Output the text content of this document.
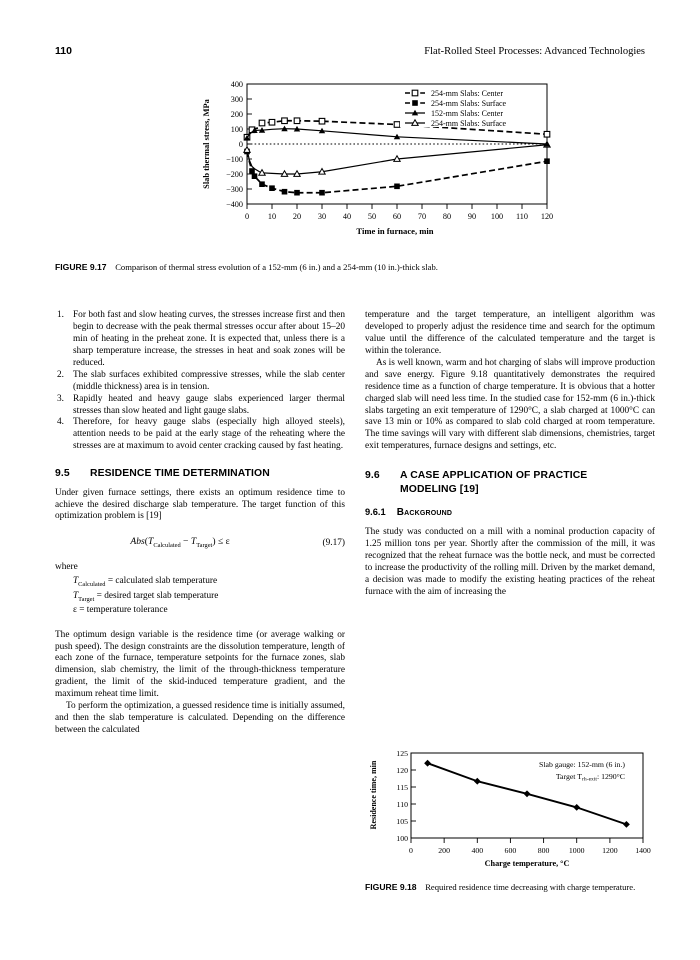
110	Flat-Rolled Steel Processes: Advanced Technologies
400
300
200
100
0
−100
−200
−300
−400
0 10 20 30 40 50 60 70 80 90 100 110 120
Time in furnace, min
Slab thermal stress, MPa
254-mm Slabs: Center
254-mm Slabs: Surface
152-mm Slabs: Center
254-mm Slabs: Surface
FIGURE 9.17 Comparison of thermal stress evolution of a 152-mm (6 in.) and a 254-mm (10 in.)-thick slab.
1. For both fast and slow heating curves, the stresses increase first and then begin to decrease with the peak thermal stresses occur after about 15–20 min of heating in the preheat zone. It is expected that, unless there is a sharp temperature increase, the stresses in heat and soak zones will be reduced.
2. The slab surfaces exhibited compressive stresses, while the slab center (middle thickness) area is in tension.
3. Rapidly heated and heavy gauge slabs experienced larger thermal stresses than slow heated and light gauge slabs.
4. Therefore, for heavy gauge slabs (especially high alloyed steels), attention needs to be paid at the early stage of the reheating where the stresses are at maximum to avoid center cracking caused by fast heating.
9.5	RESIDENCE TIME DETERMINATION

Under given furnace settings, there exists an optimum residence time to achieve the desired discharge slab temperature. The target function of this optimization problem is [19]

$Abs(T_{Calculated} - T_{Target}) \le \varepsilon$	(9.17)

where

$T_{Calculated}$ = calculated slab temperature
$T_{Target}$ = desired target slab temperature
ε = temperature tolerance

The optimum design variable is the residence time (or average walking or push speed). The design constraints are the dissolution temperature, length of each zone of the furnace, temperature setpoints for the furnace zones, slab dimension, slab chemistry, the limit of the through-thickness temperature gradient, the limit of the skid-induced temperature gradient, and the maximum reheat time limit.

To perform the optimization, a guessed residence time is initially assumed, and then the slab temperature is calculated. Depending on the difference between the calculated

temperature and the target temperature, an intelligent algorithm was developed to properly adjust the residence time and search for the optimum value until the difference of the calculated temperature and the target is within the tolerance.

As is well known, warm and hot charging of slabs will improve production and save energy. Figure 9.18 quantitatively demonstrates the required residence time as a function of charge temperature. It is obvious that a hotter charged slab will need less time. In the studied case for 152-mm (6 in.)-thick slabs targeting an exit temperature of 1290°C, a slab charged at 1000°C can save 13 min or 10% as compared to slab cold charged at room temperature. The time savings will vary with different slab dimensions, chemistries, target exit temperatures, furnace designs and settings, etc.

9.6	A CASE APPLICATION OF PRACTICE
MODELING [19]
9.6.1 Background

The study was conducted on a mill with a nominal production capacity of 1.25 million tons per year. Shortly after the commission of the mill, it was recognized that the reheat furnace was the bottle neck, and must be corrected to increase the productivity of the rolling mill. Driven by the market demand, a decision was made to modify the existing heating practices of the reheat furnace with the aim of increasing the

125
120
115
110
105
100
0	200	400	600	800 1000 1200 1400
Charge temperature, °C
Residence time, min	Slab gauge: 152-mm (6 in.)
Target $T_{rh-exit}$: 1290°C
FIGURE 9.18 Required residence time decreasing with charge temperature.
